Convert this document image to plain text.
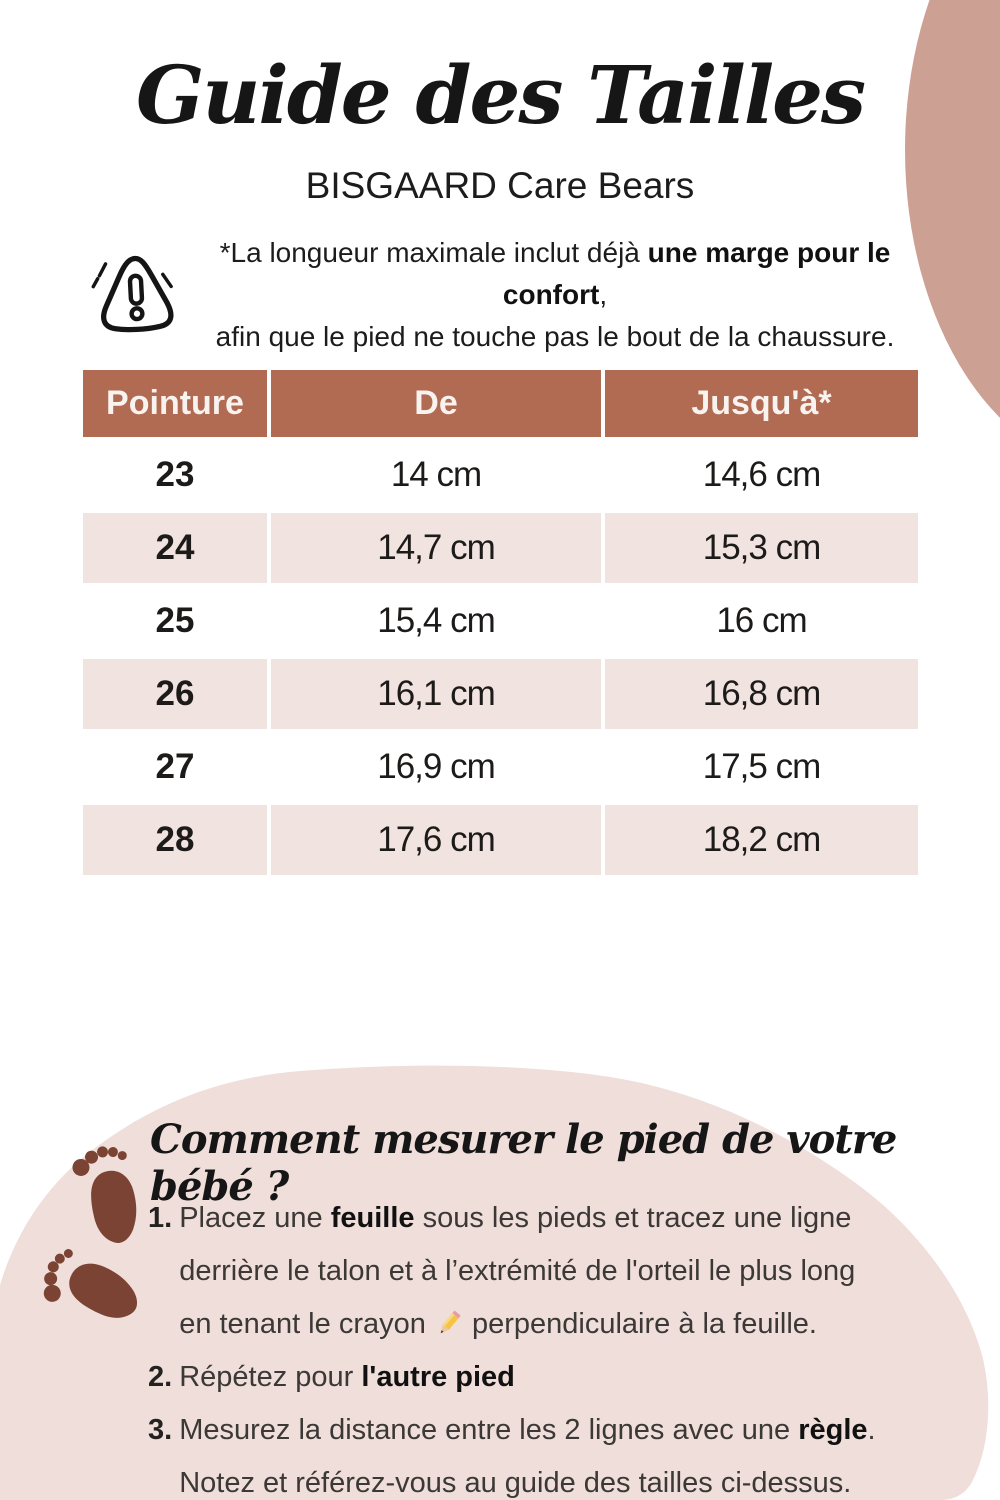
Guide des Tailles
BISGAARD Care Bears
*La longueur maximale inclut déjà une marge pour le confort,
afin que le pied ne touche pas le bout de la chaussure.
Pointure	De	Jusqu'à*
23	14 cm	14,6 cm
24	14,7 cm	15,3 cm
25	15,4 cm	16 cm
26	16,1 cm	16,8 cm
27	16,9 cm	17,5 cm
28	17,6 cm	18,2 cm
Comment mesurer le pied de votre bébé ?
1. Placez une feuille sous les pieds et tracez une ligne derrière le talon et à l’extrémité de l'orteil le plus long en tenant le crayon  perpendiculaire à la feuille.
2. Répétez pour l'autre pied
3. Mesurez la distance entre les 2 lignes avec une règle. Notez et référez-vous au guide des tailles ci-dessus.
